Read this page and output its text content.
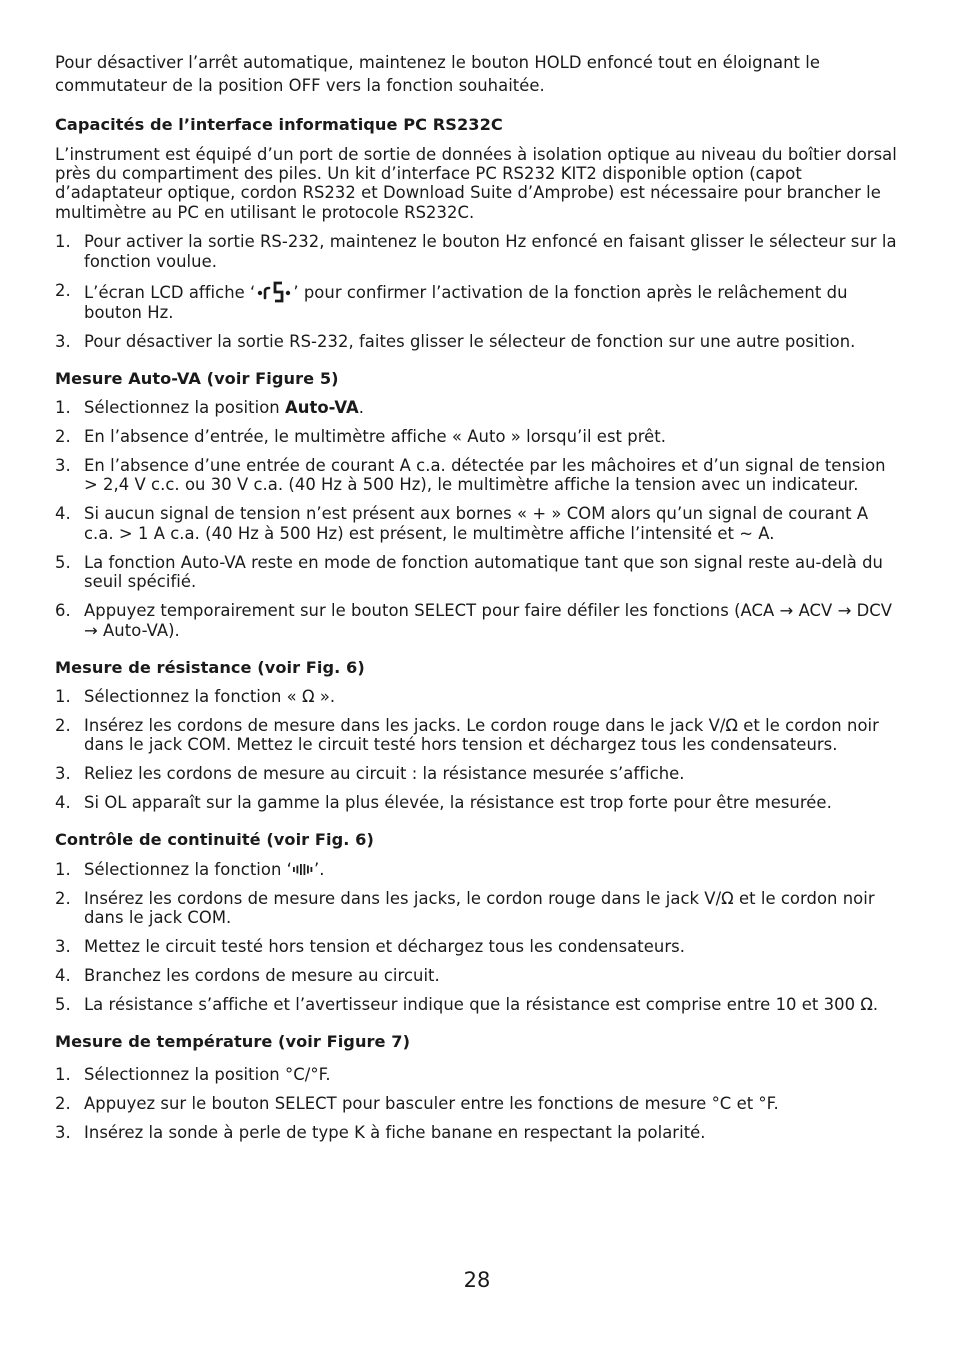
Pour désactiver l’arrêt automatique, maintenez le bouton HOLD enfoncé tout en éloignant le commutateur de la position OFF vers la fonction souhaitée.

Capacités de l’interface informatique PC RS232C

L’instrument est équipé d’un port de sortie de données à isolation optique au niveau du boîtier dorsal près du compartiment des piles. Un kit d’interface PC RS232 KIT2 disponible option (capot d’adaptateur optique, cordon RS232 et Download Suite d’Amprobe) est nécessaire pour brancher le multimètre au PC en utilisant le protocole RS232C.

1. Pour activer la sortie RS-232, maintenez le bouton Hz enfoncé en faisant glisser le sélecteur sur la fonction voulue.
2. L’écran LCD affiche ‘ ’ pour confirmer l’activation de la fonction après le relâchement du bouton Hz.
3. Pour désactiver la sortie RS-232, faites glisser le sélecteur de fonction sur une autre position.
Mesure Auto-VA (voir Figure 5)
1. Sélectionnez la position Auto-VA.
2. En l’absence d’entrée, le multimètre affiche « Auto » lorsqu’il est prêt.
3. En l’absence d’une entrée de courant A c.a. détectée par les mâchoires et d’un signal de tension > 2,4 V c.c. ou 30 V c.a. (40 Hz à 500 Hz), le multimètre affiche la tension avec un indicateur.
4. Si aucun signal de tension n’est présent aux bornes « + » COM alors qu’un signal de courant A c.a. > 1 A c.a. (40 Hz à 500 Hz) est présent, le multimètre affiche l’intensité et ~ A.
5. La fonction Auto-VA reste en mode de fonction automatique tant que son signal reste au-delà du seuil spécifié.
6. Appuyez temporairement sur le bouton SELECT pour faire défiler les fonctions (ACA → ACV → DCV → Auto-VA).
Mesure de résistance (voir Fig. 6)
1. Sélectionnez la fonction « Ω ».
2. Insérez les cordons de mesure dans les jacks. Le cordon rouge dans le jack V/Ω et le cordon noir dans le jack COM. Mettez le circuit testé hors tension et déchargez tous les condensateurs.
3. Reliez les cordons de mesure au circuit : la résistance mesurée s’affiche.
4. Si OL apparaît sur la gamme la plus élevée, la résistance est trop forte pour être mesurée.
Contrôle de continuité (voir Fig. 6)
1. Sélectionnez la fonction ‘ ’.
2. Insérez les cordons de mesure dans les jacks, le cordon rouge dans le jack V/Ω et le cordon noir dans le jack COM.
3. Mettez le circuit testé hors tension et déchargez tous les condensateurs.
4. Branchez les cordons de mesure au circuit.
5. La résistance s’affiche et l’avertisseur indique que la résistance est comprise entre 10 et 300 Ω.
Mesure de température (voir Figure 7)
1. Sélectionnez la position °C/°F.
2. Appuyez sur le bouton SELECT pour basculer entre les fonctions de mesure °C et °F.
3. Insérez la sonde à perle de type K à fiche banane en respectant la polarité.
28
